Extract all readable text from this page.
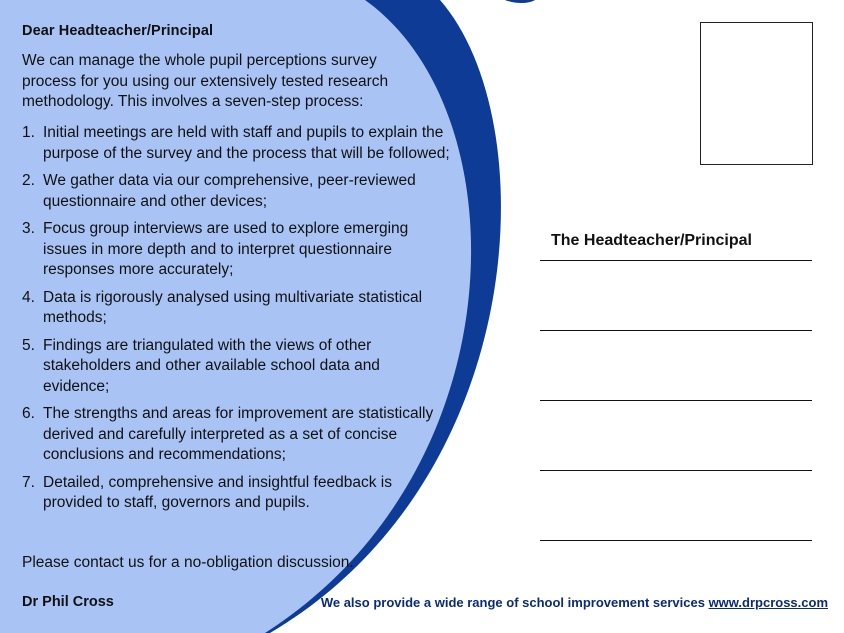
Dear Headteacher/Principal
We can manage the whole pupil perceptions survey process for you using our extensively tested research methodology. This involves a seven-step process:
1. Initial meetings are held with staff and pupils to explain the purpose of the survey and the process that will be followed;
2. We gather data via our comprehensive, peer-reviewed questionnaire and other devices;
3. Focus group interviews are used to explore emerging issues in more depth and to interpret questionnaire responses more accurately;
4. Data is rigorously analysed using multivariate statistical methods;
5. Findings are triangulated with the views of other stakeholders and other available school data and evidence;
6. The strengths and areas for improvement are statistically derived and carefully interpreted as a set of concise conclusions and recommendations;
7. Detailed, comprehensive and insightful feedback is provided to staff, governors and pupils.
Please contact us for a no-obligation discussion.
Dr Phil Cross
The Headteacher/Principal
We also provide a wide range of school improvement services www.drpcross.com
